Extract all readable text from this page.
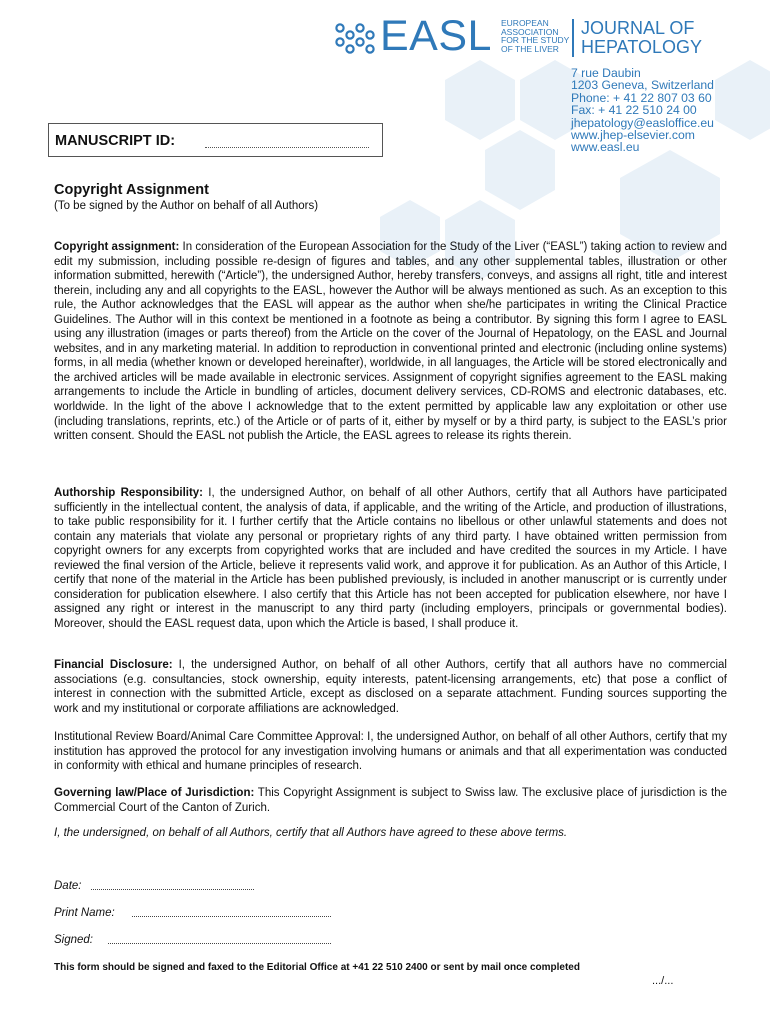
EASL EUROPEAN
ASSOCIATION
FOR THE STUDY
OF THE LIVER
JOURNAL OF
HEPATOLOGY
7 rue Daubin
1203 Geneva, Switzerland
Phone: + 41 22 807 03 60
Fax: + 41 22 510 24 00
jhepatology@easloffice.eu
www.jhep-elsevier.com
www.easl.eu
MANUSCRIPT ID:
Copyright Assignment
(To be signed by the Author on behalf of all Authors)
Copyright assignment: In consideration of the European Association for the Study of the Liver (“EASL”) taking action to review and edit my submission, including possible re-design of figures and tables, and any other supplemental tables, illustration or other information submitted, herewith (“Article”), the undersigned Author, hereby transfers, conveys, and assigns all right, title and interest therein, including any and all copyrights to the EASL, however the Author will be always mentioned as such. As an exception to this rule, the Author acknowledges that the EASL will appear as the author when she/he participates in writing the Clinical Practice Guidelines. The Author will in this context be mentioned in a footnote as being a contributor. By signing this form I agree to EASL using any illustration (images or parts thereof) from the Article on the cover of the Journal of Hepatology, on the EASL and Journal websites, and in any marketing material. In addition to reproduction in conventional printed and electronic (including online systems) forms, in all media (whether known or developed hereinafter), worldwide, in all languages, the Article will be stored electronically and the archived articles will be made available in electronic services. Assignment of copyright signifies agreement to the EASL making arrangements to include the Article in bundling of articles, document delivery services, CD-ROMS and electronic databases, etc. worldwide. In the light of the above I acknowledge that to the extent permitted by applicable law any exploitation or other use (including translations, reprints, etc.) of the Article or of parts of it, either by myself or by a third party, is subject to the EASL’s prior written consent. Should the EASL not publish the Article, the EASL agrees to release its rights therein.
Authorship Responsibility: I, the undersigned Author, on behalf of all other Authors, certify that all Authors have participated sufficiently in the intellectual content, the analysis of data, if applicable, and the writing of the Article, and production of illustrations, to take public responsibility for it. I further certify that the Article contains no libellous or other unlawful statements and does not contain any materials that violate any personal or proprietary rights of any third party. I have obtained written permission from copyright owners for any excerpts from copyrighted works that are included and have credited the sources in my Article. I have reviewed the final version of the Article, believe it represents valid work, and approve it for publication. As an Author of this Article, I certify that none of the material in the Article has been published previously, is included in another manuscript or is currently under consideration for publication elsewhere. I also certify that this Article has not been accepted for publication elsewhere, nor have I assigned any right or interest in the manuscript to any third party (including employers, principals or governmental bodies). Moreover, should the EASL request data, upon which the Article is based, I shall produce it.
Financial Disclosure: I, the undersigned Author, on behalf of all other Authors, certify that all authors have no commercial associations (e.g. consultancies, stock ownership, equity interests, patent-licensing arrangements, etc) that pose a conflict of interest in connection with the submitted Article, except as disclosed on a separate attachment. Funding sources supporting the work and my institutional or corporate affiliations are acknowledged.
Institutional Review Board/Animal Care Committee Approval: I, the undersigned Author, on behalf of all other Authors, certify that my institution has approved the protocol for any investigation involving humans or animals and that all experimentation was conducted in conformity with ethical and humane principles of research.
Governing law/Place of Jurisdiction: This Copyright Assignment is subject to Swiss law. The exclusive place of jurisdiction is the Commercial Court of the Canton of Zurich.
I, the undersigned, on behalf of all Authors, certify that all Authors have agreed to these above terms.
Date:
Print Name:
Signed:
This form should be signed and faxed to the Editorial Office at +41 22 510 2400 or sent by mail once completed
.../...
